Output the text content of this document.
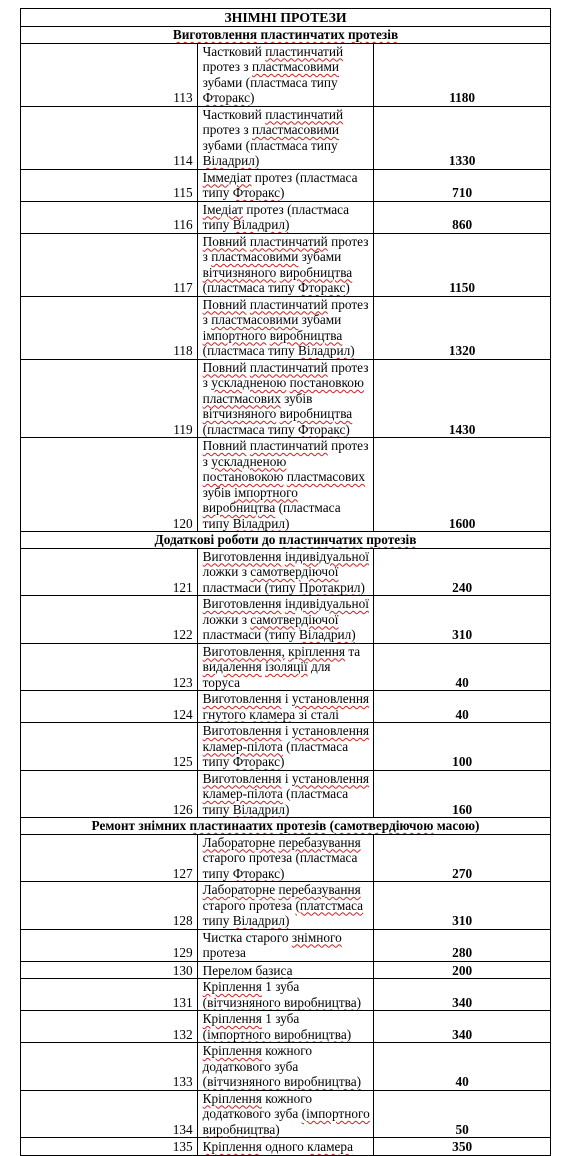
ЗНІМНІ ПРОТЕЗИ		
Виготовлення пластинчатих протезів		
113	Частковий пластинчатий протез з пластмасовими зубами (пластмаса типу Фторакс)	1180
114	Частковий пластинчатий протез з пластмасовими зубами (пластмаса типу Віладрил)	1330
115	Іммедіат протез (пластмаса типу Фторакс)	710
116	Імедіат протез (пластмаса типу Віладрил)	860
117	Повний пластинчатий протез з пластмасовими зубами вітчизняного виробництва (пластмаса типу Фторакс)	1150
118	Повний пластинчатий протез з пластмасовими зубами імпортного виробництва (пластмаса типу Віладрил)	1320
119	Повний пластинчатий протез з ускладненою постановкою пластмасових зубів вітчизняного виробництва (пластмаса типу Фторакс)	1430
120	Повний пластинчатий протез з ускладненою постановокою пластмасових зубів імпортного виробництва (пластмаса типу Віладрил)	1600
Додаткові роботи до пластинчатих протезів		
121	Виготовлення індивідуальної ложки з самотвердіючої пластмаси (типу Протакрил)	240
122	Виготовлення індивідуальної ложки з самотвердіючої пластмаси (типу Віладрил)	310
123	Виготовлення, кріплення та видалення ізоляції для торуса	40
124	Виготовлення і установлення гнутого кламера зі сталі	40
125	Виготовлення і установлення кламер-пілота (пластмаса типу Фторакс)	100
126	Виготовлення і установлення кламер-пілота (пластмаса типу Віладрил)	160
Ремонт знімних пластинаатих протезів (самотвердіючою масою)		
127	Лабораторне перебазування старого протеза (пластмаса типу Фторакс)	270
128	Лабораторне перебазування старого протеза (платстмаса типу Віладрил)	310
129	Чистка старого знімного протеза	280
130	Перелом базиса	200
131	Кріплення 1 зуба (вітчизняного виробництва)	340
132	Кріплення 1 зуба (імпортного виробництва)	340
133	Кріплення кожного додаткового зуба (вітчизняного виробництва)	40
134	Кріплення кожного додаткового зуба (імпортного виробництва)	50
135	Кріплення одного кламера	350
